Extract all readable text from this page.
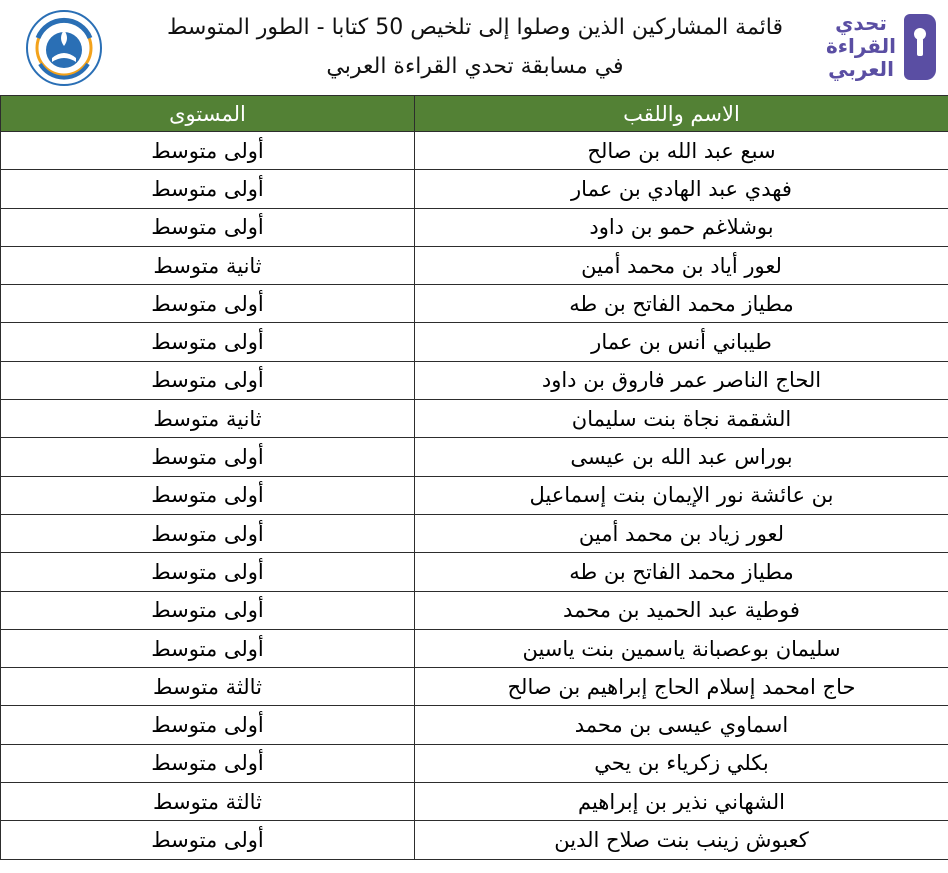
قائمة المشاركين الذين وصلوا إلى تلخيص 50 كتابا - الطور المتوسط
في مسابقة تحدي القراءة العربي
تحدي
القراءة
العربي
الاسم واللقب	المستوى
سبع عبد الله بن صالح	أولى متوسط
فهدي عبد الهادي بن عمار	أولى متوسط
بوشلاغم حمو بن داود	أولى متوسط
لعور أياد بن محمد أمين	ثانية متوسط
مطياز محمد الفاتح بن طه	أولى متوسط
طيباني أنس بن عمار	أولى متوسط
الحاج الناصر عمر فاروق بن داود	أولى متوسط
الشقمة نجاة بنت سليمان	ثانية متوسط
بوراس عبد الله بن عيسى	أولى متوسط
بن عائشة نور الإيمان بنت إسماعيل	أولى متوسط
لعور زياد بن محمد أمين	أولى متوسط
مطياز محمد الفاتح بن طه	أولى متوسط
فوطية عبد الحميد بن محمد	أولى متوسط
سليمان بوعصبانة ياسمين بنت ياسين	أولى متوسط
حاج امحمد إسلام الحاج إبراهيم بن صالح	ثالثة متوسط
اسماوي عيسى بن محمد	أولى متوسط
بكلي زكرياء بن يحي	أولى متوسط
الشهاني نذير بن إبراهيم	ثالثة متوسط
كعبوش زينب بنت صلاح الدين	أولى متوسط
